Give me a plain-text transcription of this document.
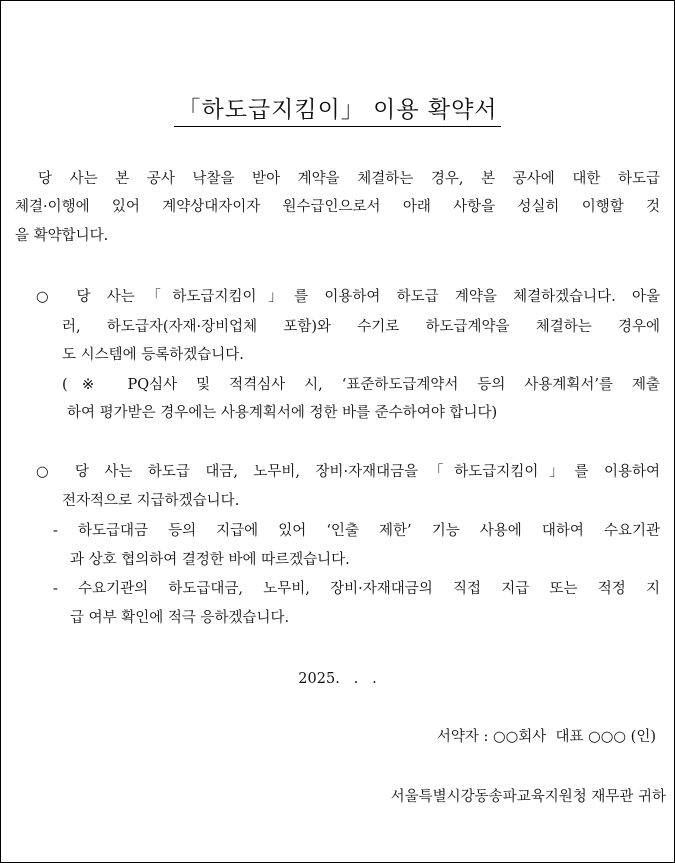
「하도급지킴이」 이용 확약서
당 사는 본 공사 낙찰을 받아 계약을 체결하는 경우, 본 공사에 대한 하도급
체결·이행에 있어 계약상대자이자 원수급인으로서 아래 사항을 성실히 이행할 것
을 확약합니다.
○ 당 사는「하도급지킴이」를 이용하여 하도급 계약을 체결하겠습니다. 아울
러, 하도급자(자재·장비업체 포함)와 수기로 하도급계약을 체결하는 경우에
도 시스템에 등록하겠습니다.
(※ PQ심사 및 적격심사 시, ‘표준하도급계약서 등의 사용계획서’를 제출
하여 평가받은 경우에는 사용계획서에 정한 바를 준수하여야 합니다)
○ 당 사는 하도급 대금, 노무비, 장비·자재대금을「하도급지킴이」를 이용하여
전자적으로 지급하겠습니다.
- 하도급대금 등의 지급에 있어 ‘인출 제한’ 기능 사용에 대하여 수요기관
과 상호 협의하여 결정한 바에 따르겠습니다.
- 수요기관의 하도급대금, 노무비, 장비·자재대금의 직접 지급 또는 적정 지
급 여부 확인에 적극 응하겠습니다.
2025.   .   .
서약자 : ○○회사  대표 ○○○ (인)
서울특별시강동송파교육지원청 재무관 귀하
